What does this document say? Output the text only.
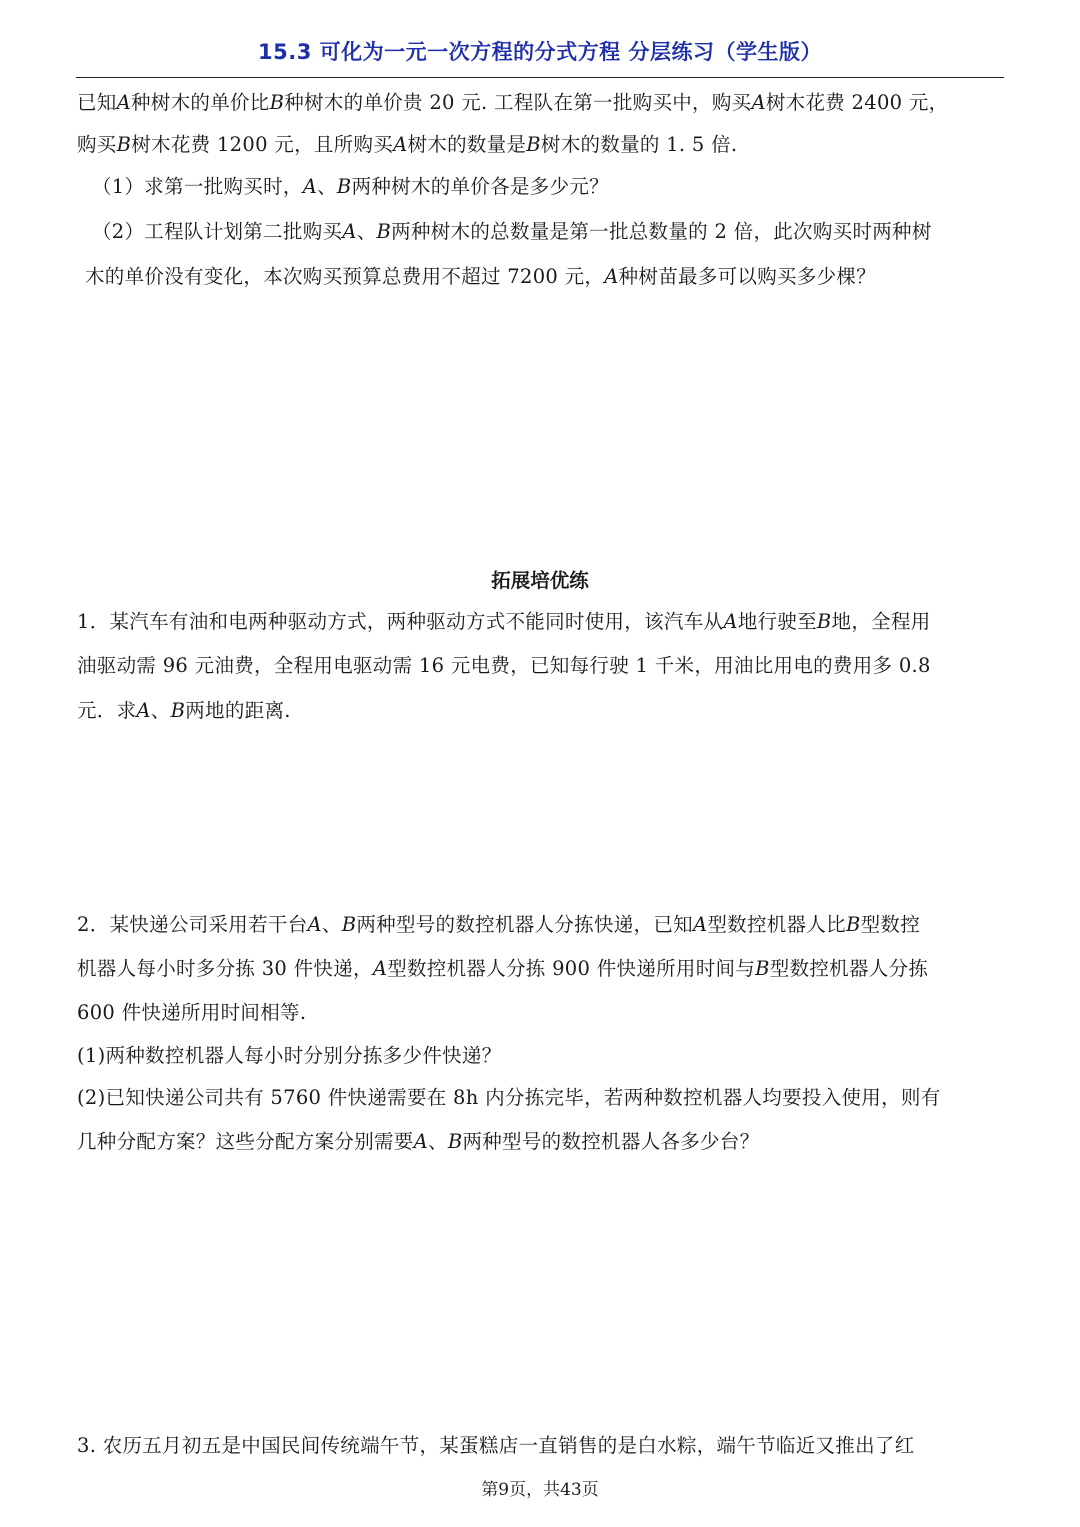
15.3 可化为一元一次方程的分式方程 分层练习（学生版）
已知A种树木的单价比B种树木的单价贵 20 元. 工程队在第一批购买中，购买A树木花费 2400 元，
购买B树木花费 1200 元，且所购买A树木的数量是B树木的数量的 1. 5 倍.
（1）求第一批购买时，A、B两种树木的单价各是多少元？
（2）工程队计划第二批购买A、B两种树木的总数量是第一批总数量的 2 倍，此次购买时两种树
木的单价没有变化，本次购买预算总费用不超过 7200 元，A种树苗最多可以购买多少棵？
拓展培优练
1．某汽车有油和电两种驱动方式，两种驱动方式不能同时使用，该汽车从A地行驶至B地，全程用
油驱动需 96 元油费，全程用电驱动需 16 元电费，已知每行驶 1 千米，用油比用电的费用多 0.8
元．求A、B两地的距离.
2．某快递公司采用若干台A、B两种型号的数控机器人分拣快递，已知A型数控机器人比B型数控
机器人每小时多分拣 30 件快递，A型数控机器人分拣 900 件快递所用时间与B型数控机器人分拣
600 件快递所用时间相等.
(1)两种数控机器人每小时分别分拣多少件快递？
(2)已知快递公司共有 5760 件快递需要在 8h 内分拣完毕，若两种数控机器人均要投入使用，则有
几种分配方案？这些分配方案分别需要A、B两种型号的数控机器人各多少台？
3. 农历五月初五是中国民间传统端午节，某蛋糕店一直销售的是白水粽，端午节临近又推出了红
第9页，共43页
